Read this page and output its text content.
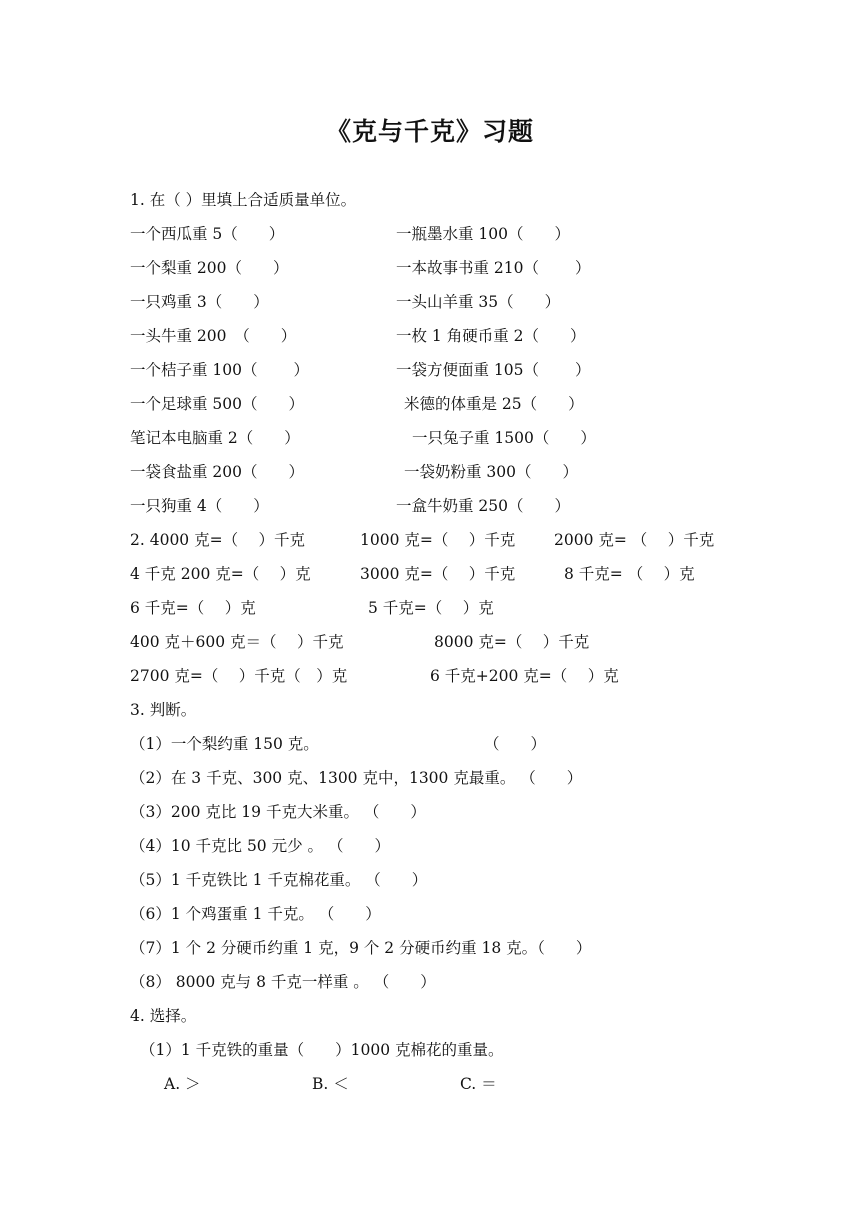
《克与千克》习题
1. 在（ ）里填上合适质量单位。
一个西瓜重 5（　　）	一瓶墨水重 100（　　）
一个梨重 200（　　）	一本故事书重 210（　　 ）
一只鸡重 3（　　）	一头山羊重 35（　　）
一头牛重 200　（　　）	一枚 1 角硬币重 2（　　）
一个桔子重 100（　　 ）	一袋方便面重 105（　　 ）
一个足球重 500（　　）	米德的体重是 25（　　）
笔记本电脑重 2（　　）	一只兔子重 1500（　　）
一袋食盐重 200（　　）	一袋奶粉重 300（　　）
一只狗重 4（　　）	一盒牛奶重 250（　　）
2. 4000 克=（　 ）千克	1000 克=（　 ）千克 2000 克= （　 ）千克
4 千克 200 克=（　 ）克	3000 克=（　 ）千克	8 千克= （　 ）克
6 千克=（　 ）克	5 千克=（　 ）克
400 克＋600 克＝（　 ）千克	8000 克=（　 ）千克
2700 克=（　 ）千克（　）克	6 千克+200 克=（　 ）克
3. 判断。
（1）一个梨约重 150 克。	（　　）
（2）在 3 千克、300 克、1300 克中，1300 克最重。 （　　）
（3）200 克比 19 千克大米重。 （　　）
（4）10 千克比 50 元少 。 （　　）
（5）1 千克铁比 1 千克棉花重。 （　　）
（6）1 个鸡蛋重 1 千克。 （　　）
（7）1 个 2 分硬币约重 1 克，9 个 2 分硬币约重 18 克。（　　）
（8） 8000 克与 8 千克一样重 。 （　　）
4. 选择。
（1）1 千克铁的重量（　　）1000 克棉花的重量。
A. ＞	B. ＜	C. ＝
